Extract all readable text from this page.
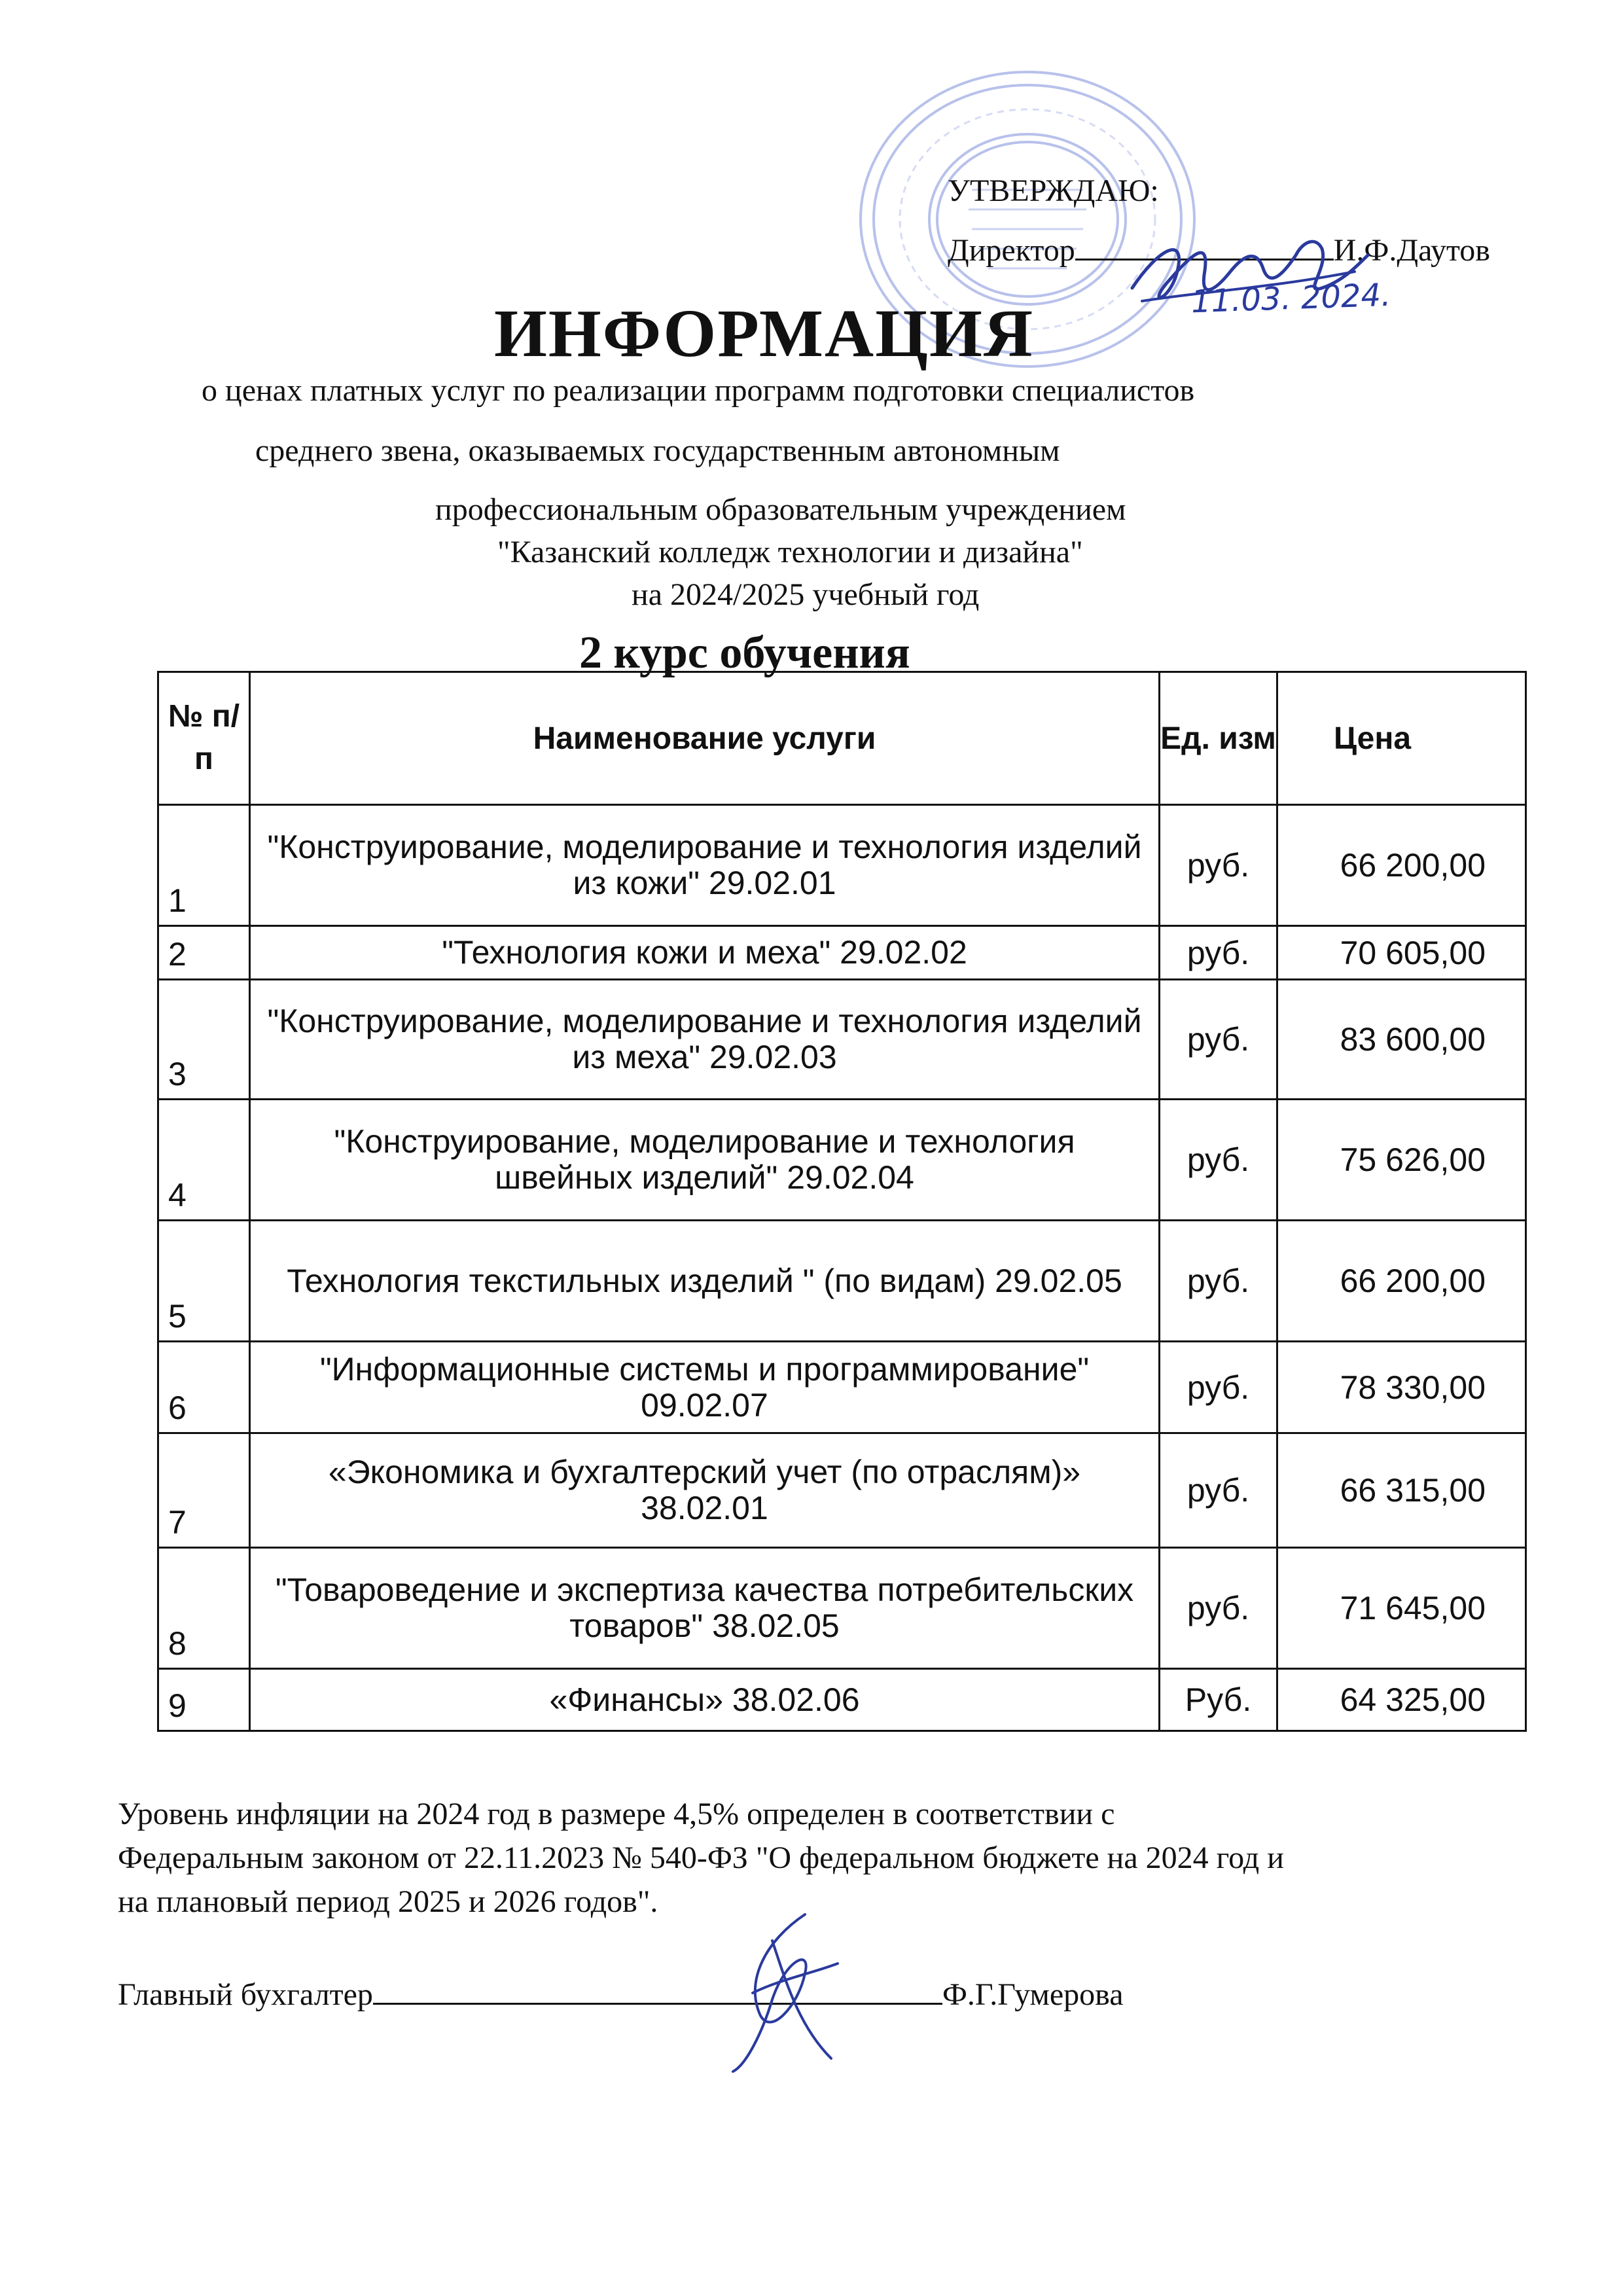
УТВЕРЖДАЮ:
Директор	И.Ф.Даутов
11.03. 2024.
ИНФОРМАЦИЯ
о ценах платных услуг по реализации программ подготовки специалистов
среднего звена, оказываемых государственным автономным
профессиональным образовательным учреждением
"Казанский колледж технологии и дизайна"
на 2024/2025 учебный год
2 курс обучения
№ п/п	Наименование услуги	Ед. изм	Цена
1	"Конструирование, моделирование и технология изделий из кожи" 29.02.01	руб.	66 200,00
2	"Технология кожи и меха" 29.02.02	руб.	70 605,00
3	"Конструирование, моделирование и технология изделий из меха" 29.02.03	руб.	83 600,00
4	"Конструирование, моделирование и технология швейных изделий" 29.02.04	руб.	75 626,00
5	Технология текстильных изделий " (по видам) 29.02.05	руб.	66 200,00
6	"Информационные системы и программирование" 09.02.07	руб.	78 330,00
7	«Экономика и бухгалтерский учет (по отраслям)» 38.02.01	руб.	66 315,00
8	"Товароведение и экспертиза качества потребительских товаров" 38.02.05	руб.	71 645,00
9	«Финансы» 38.02.06	Руб.	64 325,00
Уровень инфляции на 2024 год в размере 4,5% определен в соответствии с
Федеральным законом от 22.11.2023 № 540-ФЗ "О федеральном бюджете на 2024 год и
на плановый период 2025 и 2026 годов".
Главный бухгалтер	Ф.Г.Гумерова
